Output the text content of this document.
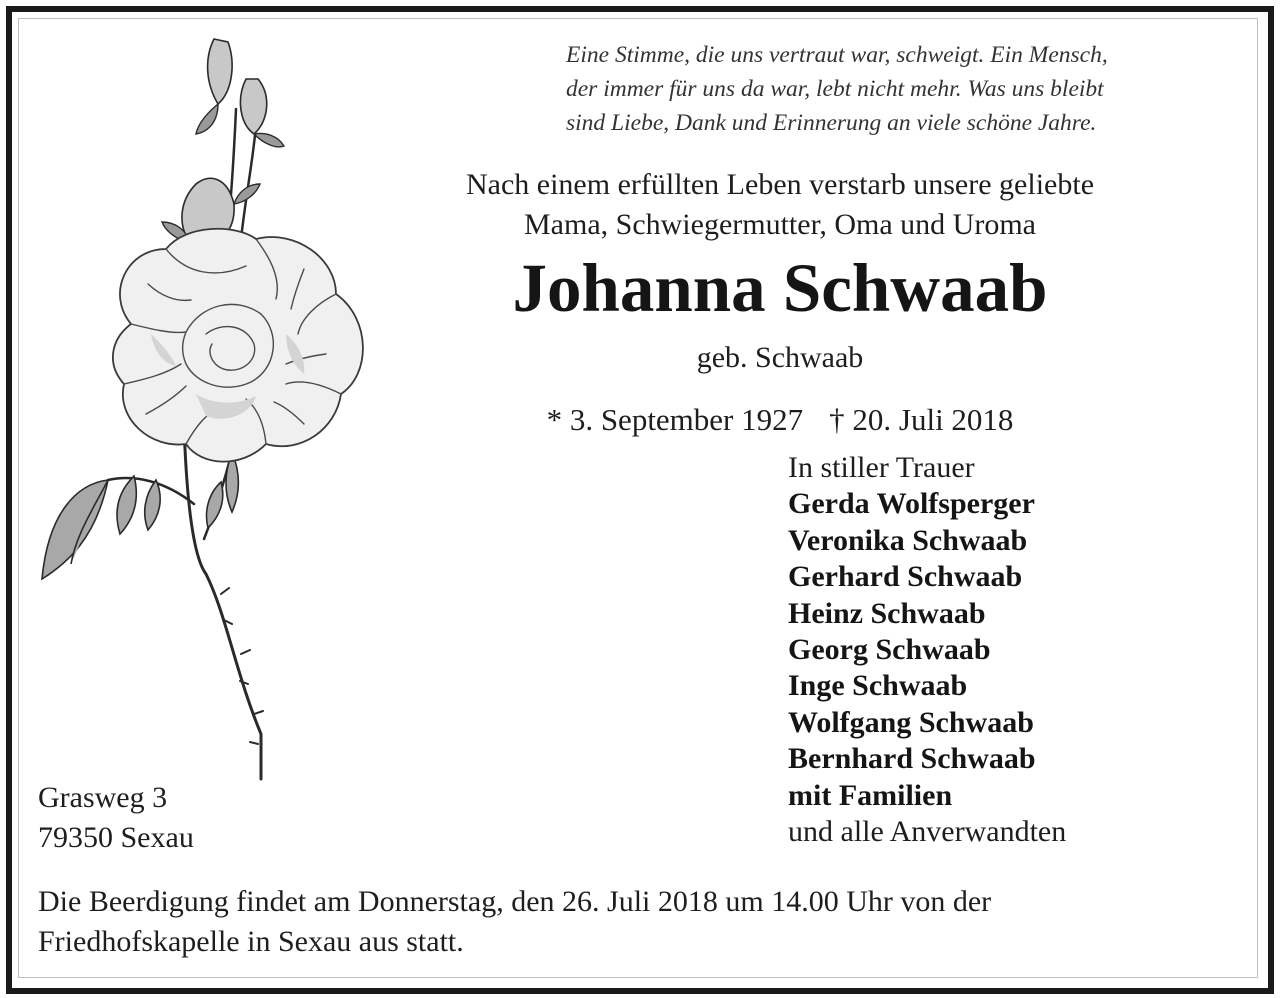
Eine Stimme, die uns vertraut war, schweigt. Ein Mensch,
der immer für uns da war, lebt nicht mehr. Was uns bleibt
sind Liebe, Dank und Erinnerung an viele schöne Jahre.
Nach einem erfüllten Leben verstarb unsere geliebte
Mama, Schwiegermutter, Oma und Uroma
Johanna Schwaab
geb. Schwaab
* 3. September 1927 † 20. Juli 2018
In stiller Trauer
Gerda Wolfsperger
Veronika Schwaab
Gerhard Schwaab
Heinz Schwaab
Georg Schwaab
Inge Schwaab
Wolfgang Schwaab
Bernhard Schwaab
mit Familien
und alle Anverwandten
Grasweg 3
79350 Sexau
Die Beerdigung findet am Donnerstag, den 26. Juli 2018 um 14.00 Uhr von der
Friedhofskapelle in Sexau aus statt.
